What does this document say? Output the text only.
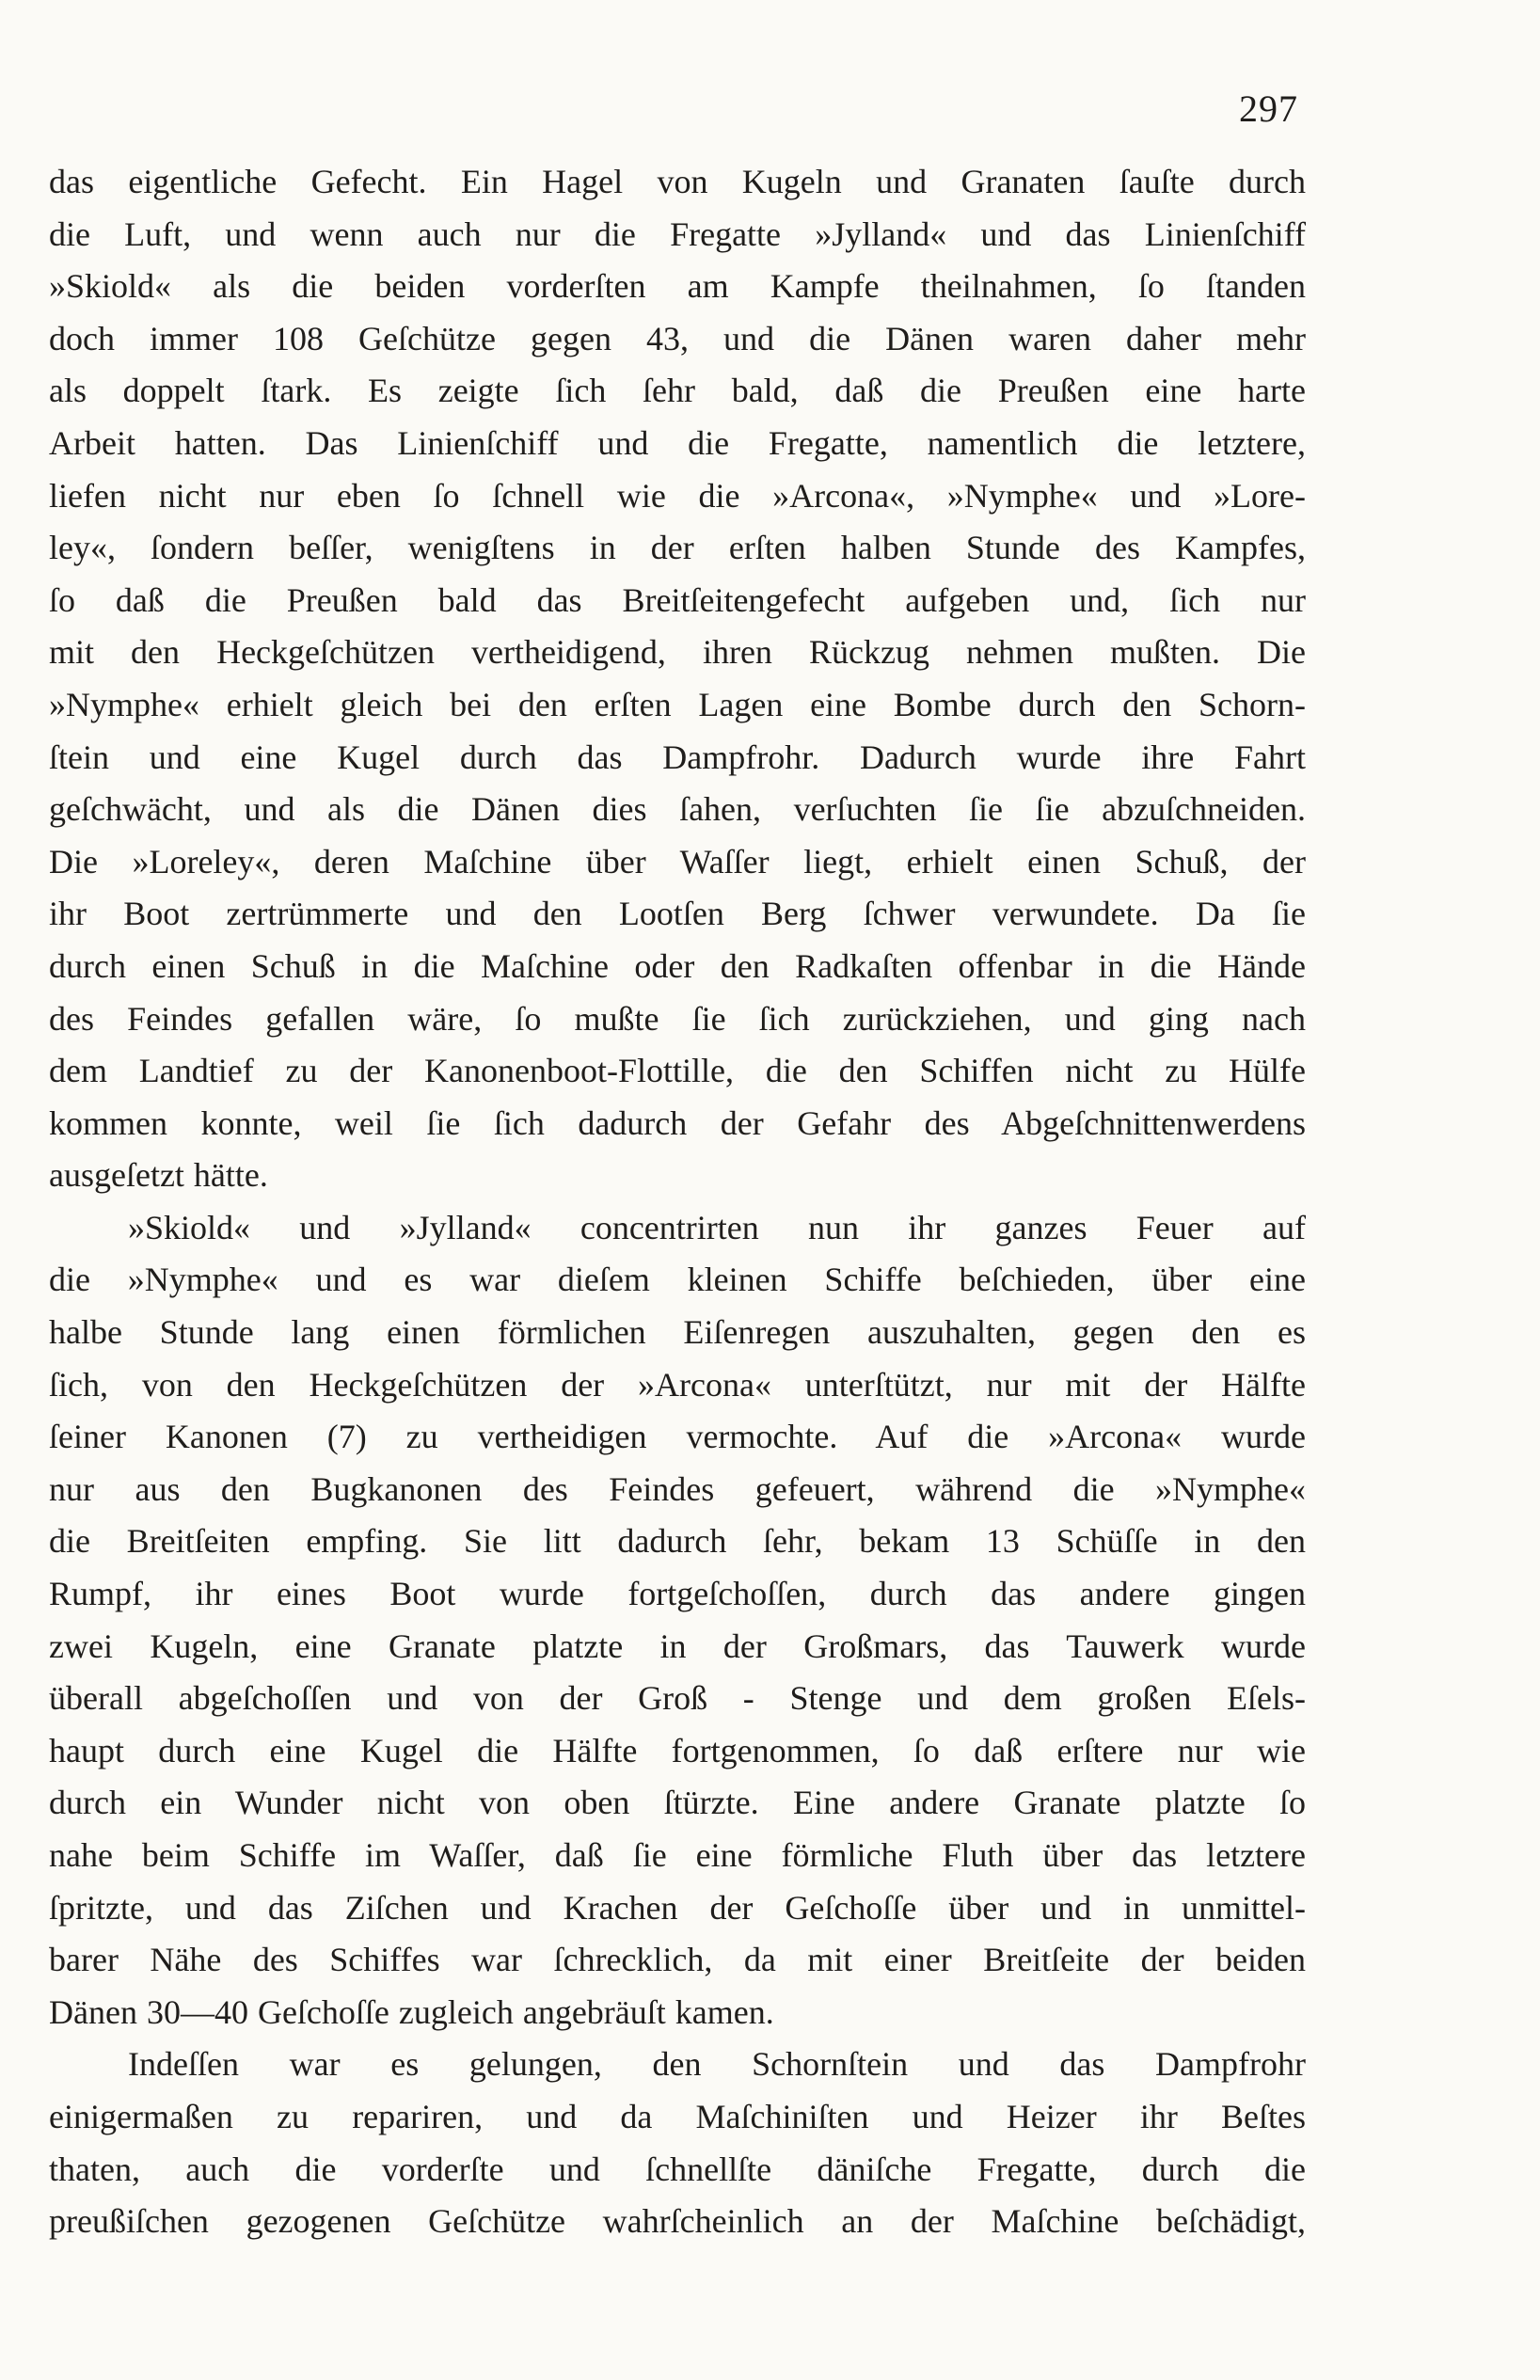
297
das eigentliche Gefecht. Ein Hagel von Kugeln und Granaten ſauſte durch
die Luft, und wenn auch nur die Fregatte »Jylland« und das Linienſchiff
»Skiold« als die beiden vorderſten am Kampfe theilnahmen, ſo ſtanden
doch immer 108 Geſchütze gegen 43, und die Dänen waren daher mehr
als doppelt ſtark. Es zeigte ſich ſehr bald, daß die Preußen eine harte
Arbeit hatten. Das Linienſchiff und die Fregatte, namentlich die letztere,
liefen nicht nur eben ſo ſchnell wie die »Arcona«, »Nymphe« und »Lore-
ley«, ſondern beſſer, wenigſtens in der erſten halben Stunde des Kampfes,
ſo daß die Preußen bald das Breitſeitengefecht aufgeben und, ſich nur
mit den Heckgeſchützen vertheidigend, ihren Rückzug nehmen mußten. Die
»Nymphe« erhielt gleich bei den erſten Lagen eine Bombe durch den Schorn-
ſtein und eine Kugel durch das Dampfrohr. Dadurch wurde ihre Fahrt
geſchwächt, und als die Dänen dies ſahen, verſuchten ſie ſie abzuſchneiden.
Die »Loreley«, deren Maſchine über Waſſer liegt, erhielt einen Schuß, der
ihr Boot zertrümmerte und den Lootſen Berg ſchwer verwundete. Da ſie
durch einen Schuß in die Maſchine oder den Radkaſten offenbar in die Hände
des Feindes gefallen wäre, ſo mußte ſie ſich zurückziehen, und ging nach
dem Landtief zu der Kanonenboot-Flottille, die den Schiffen nicht zu Hülfe
kommen konnte, weil ſie ſich dadurch der Gefahr des Abgeſchnittenwerdens
ausgeſetzt hätte.
»Skiold« und »Jylland« concentrirten nun ihr ganzes Feuer auf
die »Nymphe« und es war dieſem kleinen Schiffe beſchieden, über eine
halbe Stunde lang einen förmlichen Eiſenregen auszuhalten, gegen den es
ſich, von den Heckgeſchützen der »Arcona« unterſtützt, nur mit der Hälfte
ſeiner Kanonen (7) zu vertheidigen vermochte. Auf die »Arcona« wurde
nur aus den Bugkanonen des Feindes gefeuert, während die »Nymphe«
die Breitſeiten empfing. Sie litt dadurch ſehr, bekam 13 Schüſſe in den
Rumpf, ihr eines Boot wurde fortgeſchoſſen, durch das andere gingen
zwei Kugeln, eine Granate platzte in der Großmars, das Tauwerk wurde
überall abgeſchoſſen und von der Groß - Stenge und dem großen Eſels-
haupt durch eine Kugel die Hälfte fortgenommen, ſo daß erſtere nur wie
durch ein Wunder nicht von oben ſtürzte. Eine andere Granate platzte ſo
nahe beim Schiffe im Waſſer, daß ſie eine förmliche Fluth über das letztere
ſpritzte, und das Ziſchen und Krachen der Geſchoſſe über und in unmittel-
barer Nähe des Schiffes war ſchrecklich, da mit einer Breitſeite der beiden
Dänen 30—40 Geſchoſſe zugleich angebräuſt kamen.
Indeſſen war es gelungen, den Schornſtein und das Dampfrohr
einigermaßen zu repariren, und da Maſchiniſten und Heizer ihr Beſtes
thaten, auch die vorderſte und ſchnellſte däniſche Fregatte, durch die
preußiſchen gezogenen Geſchütze wahrſcheinlich an der Maſchine beſchädigt,
